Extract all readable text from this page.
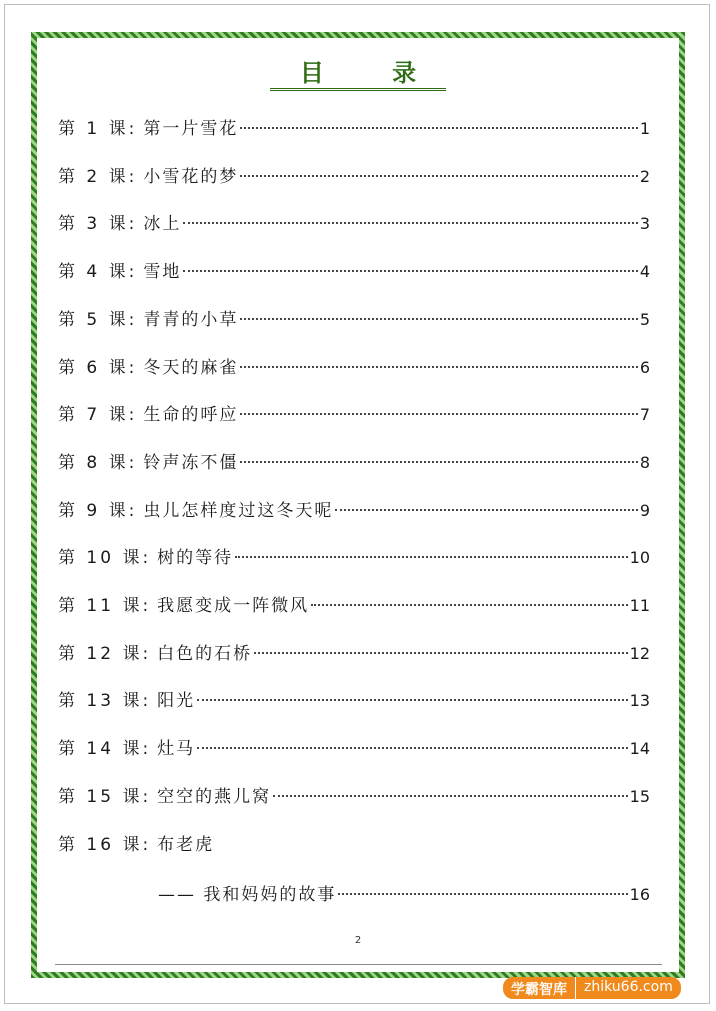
目 录
第 1 课: 第一片雪花	1
第 2 课: 小雪花的梦	2
第 3 课: 冰上	3
第 4 课: 雪地	4
第 5 课: 青青的小草	5
第 6 课: 冬天的麻雀	6
第 7 课: 生命的呼应	7
第 8 课: 铃声冻不僵	8
第 9 课: 虫儿怎样度过这冬天呢	9
第 10 课: 树的等待	10
第 11 课: 我愿变成一阵微风	11
第 12 课: 白色的石桥	12
第 13 课: 阳光	13
第 14 课: 灶马	14
第 15 课: 空空的燕儿窝	15
第 16 课: 布老虎
—— 我和妈妈的故事	16
2
学霸智库	zhiku66.com
